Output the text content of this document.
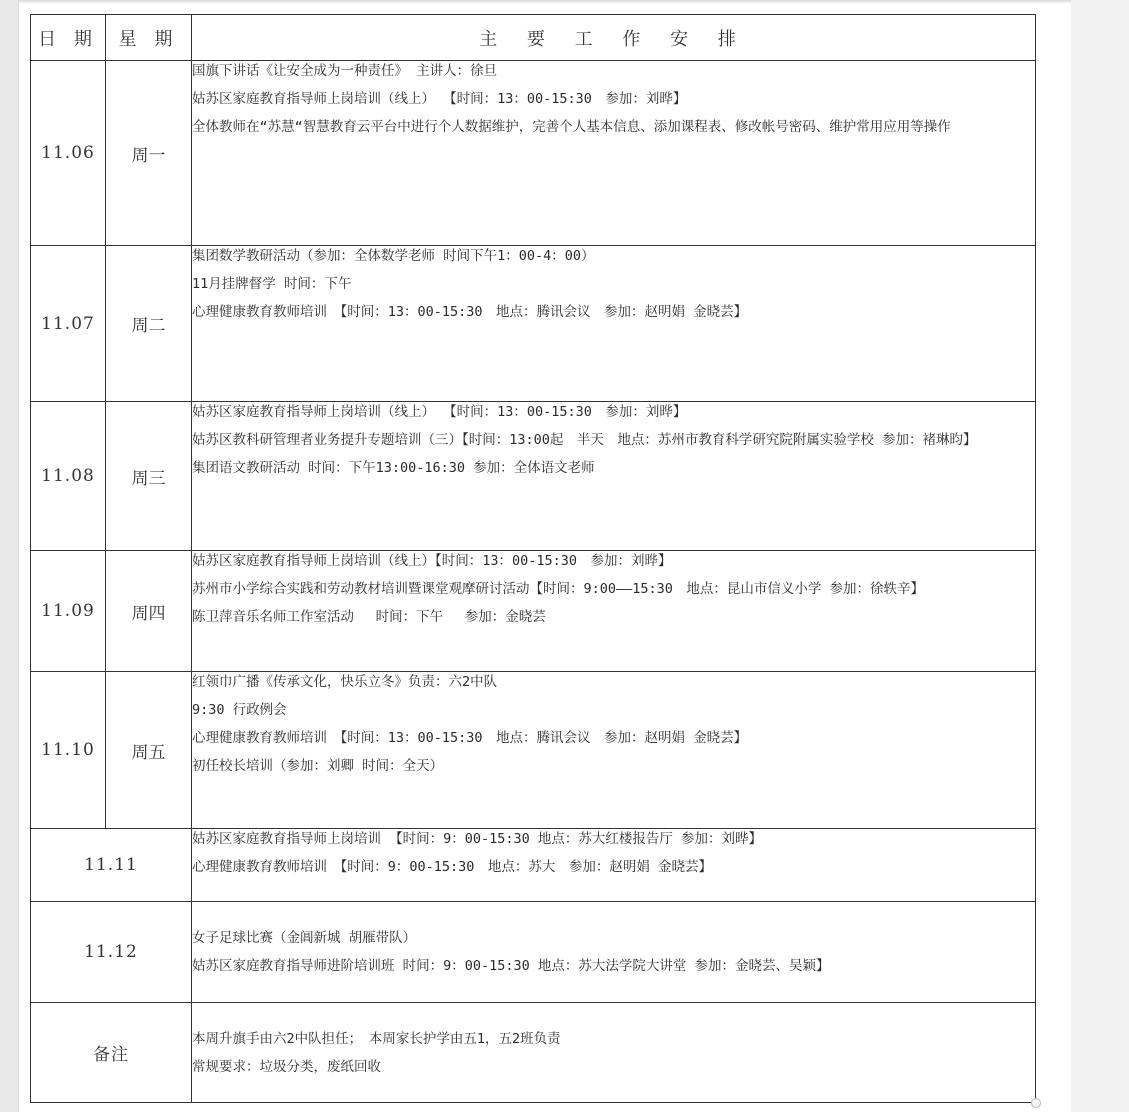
日 期	星 期	主 要 工 作 安 排
11.06	周一	国旗下讲话《让安全成为一种责任》 主讲人：徐旦
姑苏区家庭教育指导师上岗培训（线上） 【时间：13：00-15:30　参加：刘晔】
全体教师在“苏慧“智慧教育云平台中进行个人数据维护，完善个人基本信息、添加课程表、修改帐号密码、维护常用应用等操作

11.07	周二	集团数学教研活动（参加：全体数学老师 时间下午1：00-4：00）
11月挂牌督学 时间：下午
心理健康教育教师培训　【时间：13：00-15:30　地点：腾讯会议　参加：赵明娟 金晓芸】

11.08	周三	姑苏区家庭教育指导师上岗培训（线上） 【时间：13：00-15:30　参加：刘晔】
姑苏区教科研管理者业务提升专题培训（三）【时间：13:00起　半天　地点：苏州市教育科学研究院附属实验学校 参加：褚琳昀】
集团语文教研活动 时间：下午13:00-16:30 参加：全体语文老师

11.09	周四	姑苏区家庭教育指导师上岗培训（线上）【时间：13：00-15:30　参加：刘晔】
苏州市小学综合实践和劳动教材培训暨课堂观摩研讨活动【时间：9:00——15:30　地点：昆山市信义小学 参加：徐轶辛】
陈卫萍音乐名师工作室活动　 时间：下午　 参加：金晓芸

11.10	周五	红领巾广播《传承文化，快乐立冬》负责：六2中队
9:30 行政例会
心理健康教育教师培训　【时间：13：00-15:30　地点：腾讯会议　参加：赵明娟 金晓芸】
初任校长培训（参加：刘卿 时间：全天）

11.11		姑苏区家庭教育指导师上岗培训 【时间：9：00-15:30 地点：苏大红楼报告厅 参加：刘晔】
心理健康教育教师培训　【时间：9：00-15:30　地点：苏大　参加：赵明娟 金晓芸】

11.12		女子足球比赛（金阊新城 胡雁带队）
姑苏区家庭教育指导师进阶培训班 时间：9：00-15:30 地点：苏大法学院大讲堂 参加：金晓芸、吴颖】

备注		本周升旗手由六2中队担任；　本周家长护学由五1，五2班负责
常规要求：垃圾分类，废纸回收
